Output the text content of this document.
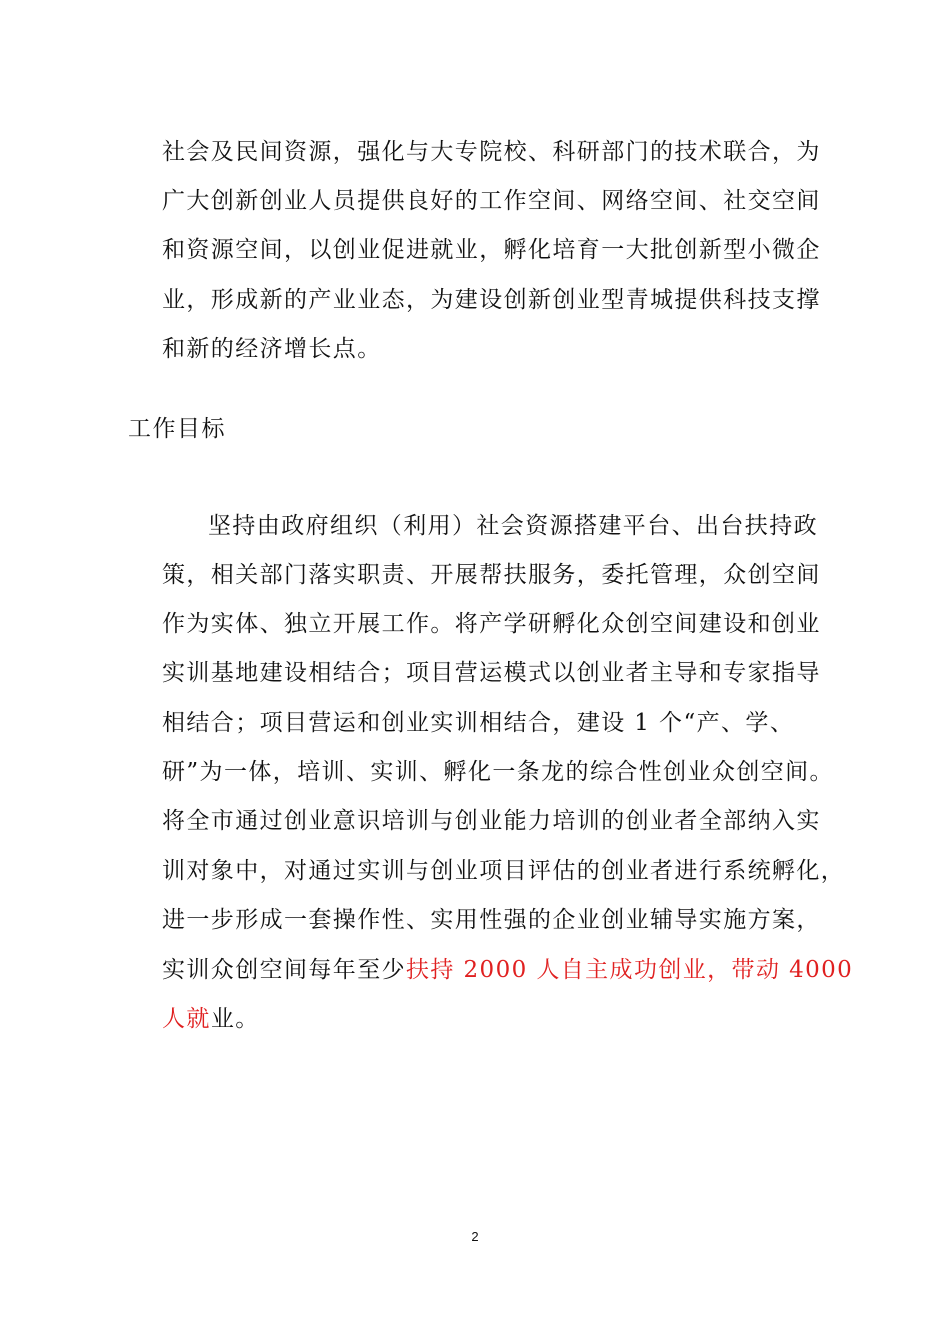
社会及民间资源，强化与大专院校、科研部门的技术联合，为
广大创新创业人员提供良好的工作空间、网络空间、社交空间
和资源空间，以创业促进就业，孵化培育一大批创新型小微企
业，形成新的产业业态，为建设创新创业型青城提供科技支撑
和新的经济增长点。
工作目标
坚持由政府组织（利用）社会资源搭建平台、出台扶持政
策，相关部门落实职责、开展帮扶服务，委托管理，众创空间
作为实体、独立开展工作。将产学研孵化众创空间建设和创业
实训基地建设相结合；项目营运模式以创业者主导和专家指导
相结合；项目营运和创业实训相结合，建设 1 个“产、学、
研”为一体，培训、实训、孵化一条龙的综合性创业众创空间。
将全市通过创业意识培训与创业能力培训的创业者全部纳入实
训对象中，对通过实训与创业项目评估的创业者进行系统孵化，
进一步形成一套操作性、实用性强的企业创业辅导实施方案，
实训众创空间每年至少扶持 2000 人自主成功创业，带动 4000
人就业。
2
